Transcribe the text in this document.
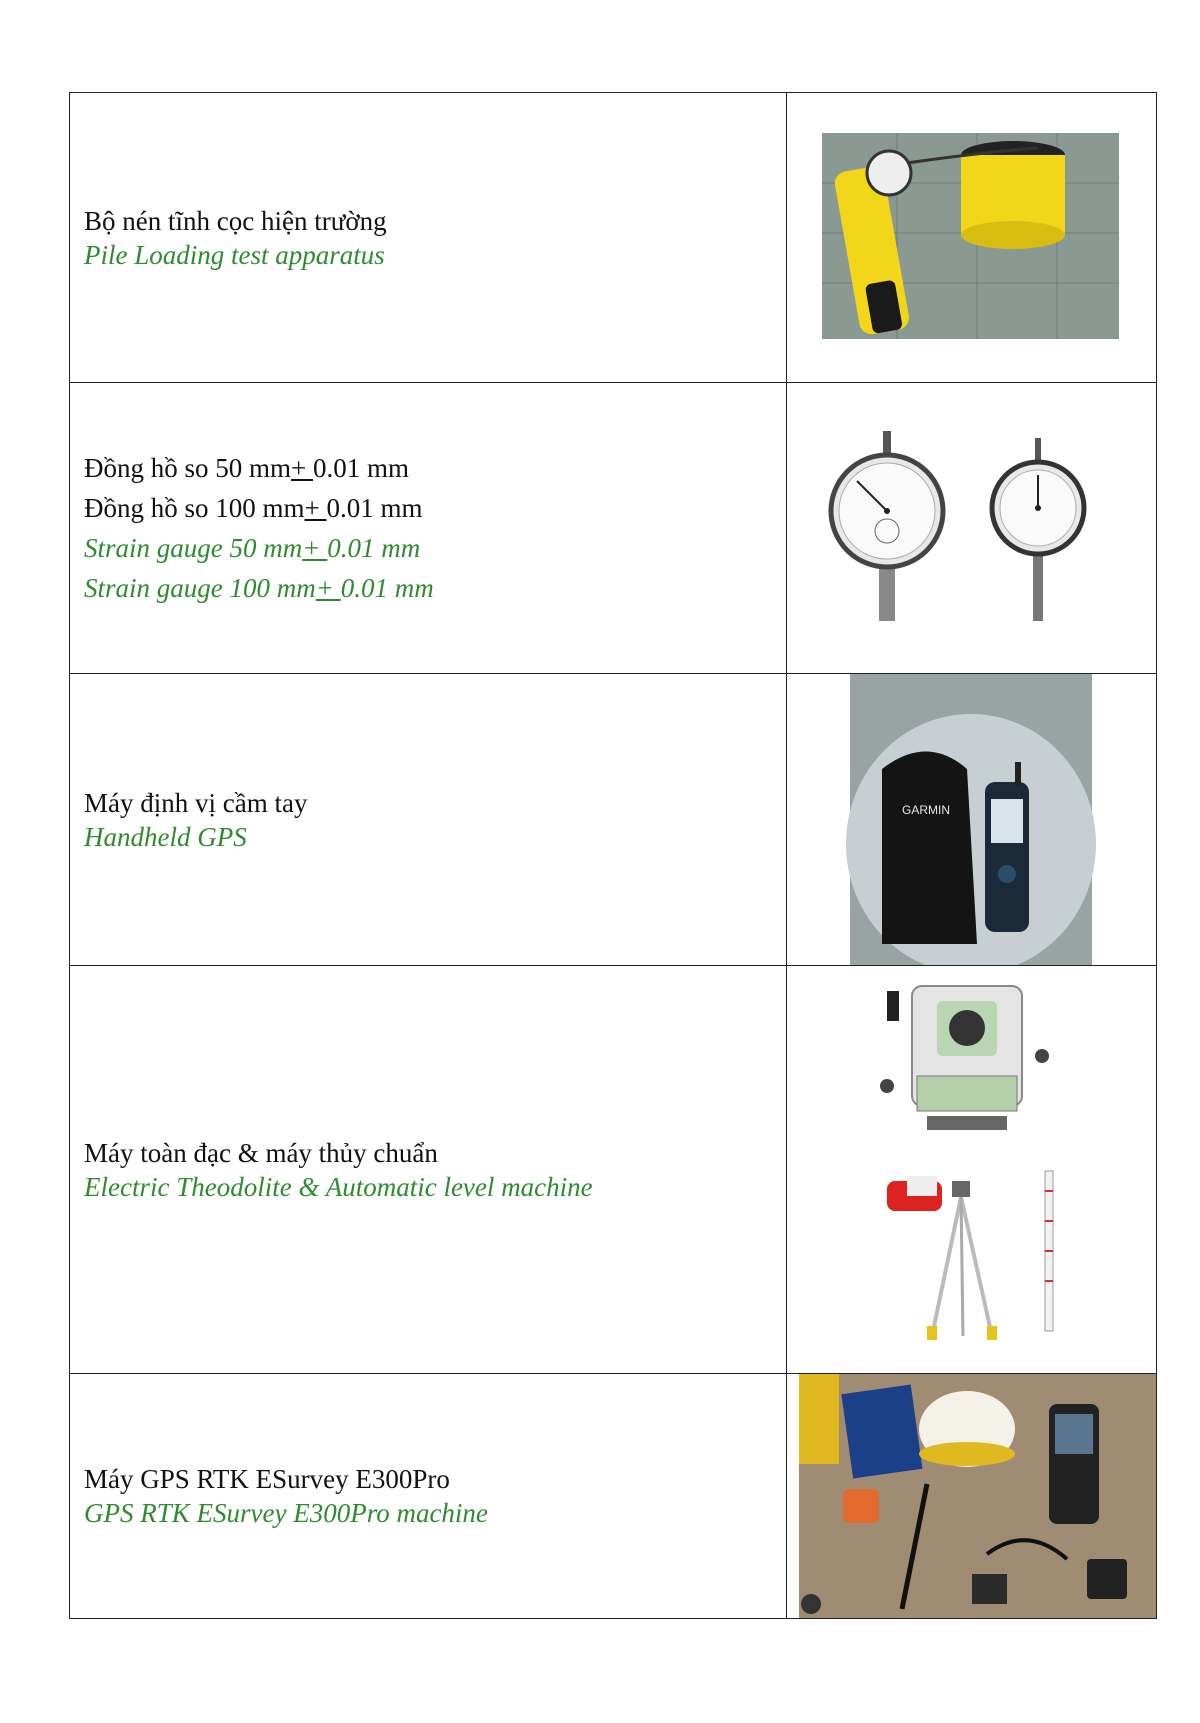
Bộ nén tĩnh cọc hiện trường
Pile Loading test apparatus

Đồng hồ so 50 mm+ 0.01 mm
Đồng hồ so 100 mm+ 0.01 mm
Strain gauge 50 mm+ 0.01 mm
Strain gauge 100 mm+ 0.01 mm

Máy định vị cầm tay
Handheld GPS	GARMIN

Máy toàn đạc & máy thủy chuẩn
Electric Theodolite & Automatic level machine

Máy GPS RTK ESurvey E300Pro
GPS RTK ESurvey E300Pro machine
